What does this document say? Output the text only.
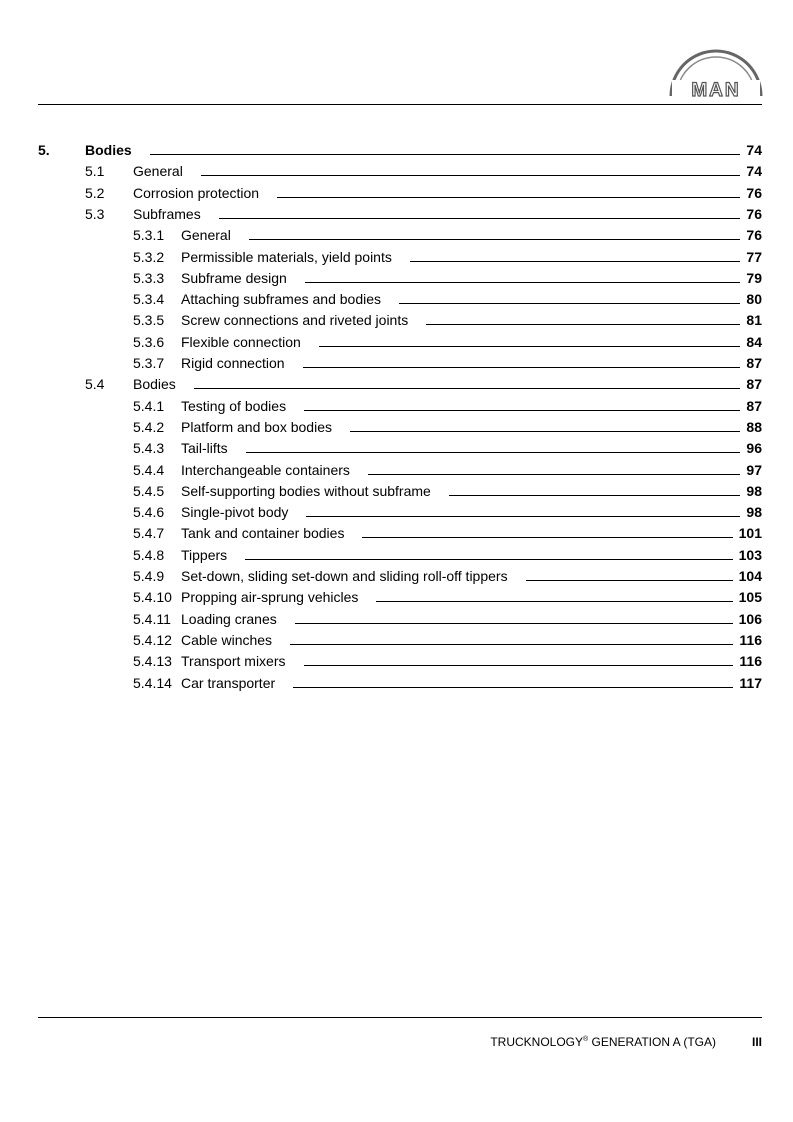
MAN
5.	Bodies	74
5.1 General	74
5.2 Corrosion protection	76
5.3 Subframes	76
5.3.1 General	76
5.3.2 Permissible materials, yield points	77
5.3.3 Subframe design	79
5.3.4 Attaching subframes and bodies	80
5.3.5 Screw connections and riveted joints	81
5.3.6 Flexible connection	84
5.3.7 Rigid connection	87
5.4 Bodies	87
5.4.1 Testing of bodies	87
5.4.2 Platform and box bodies	88
5.4.3 Tail-lifts	96
5.4.4 Interchangeable containers	97
5.4.5 Self-supporting bodies without subframe	98
5.4.6 Single-pivot body	98
5.4.7 Tank and container bodies	101
5.4.8 Tippers	103
5.4.9 Set-down, sliding set-down and sliding roll-off tippers	104
5.4.10 Propping air-sprung vehicles	105
5.4.11 Loading cranes	106
5.4.12 Cable winches	116
5.4.13 Transport mixers	116
5.4.14 Car transporter	117
TRUCKNOLOGY® GENERATION A (TGA)	III
